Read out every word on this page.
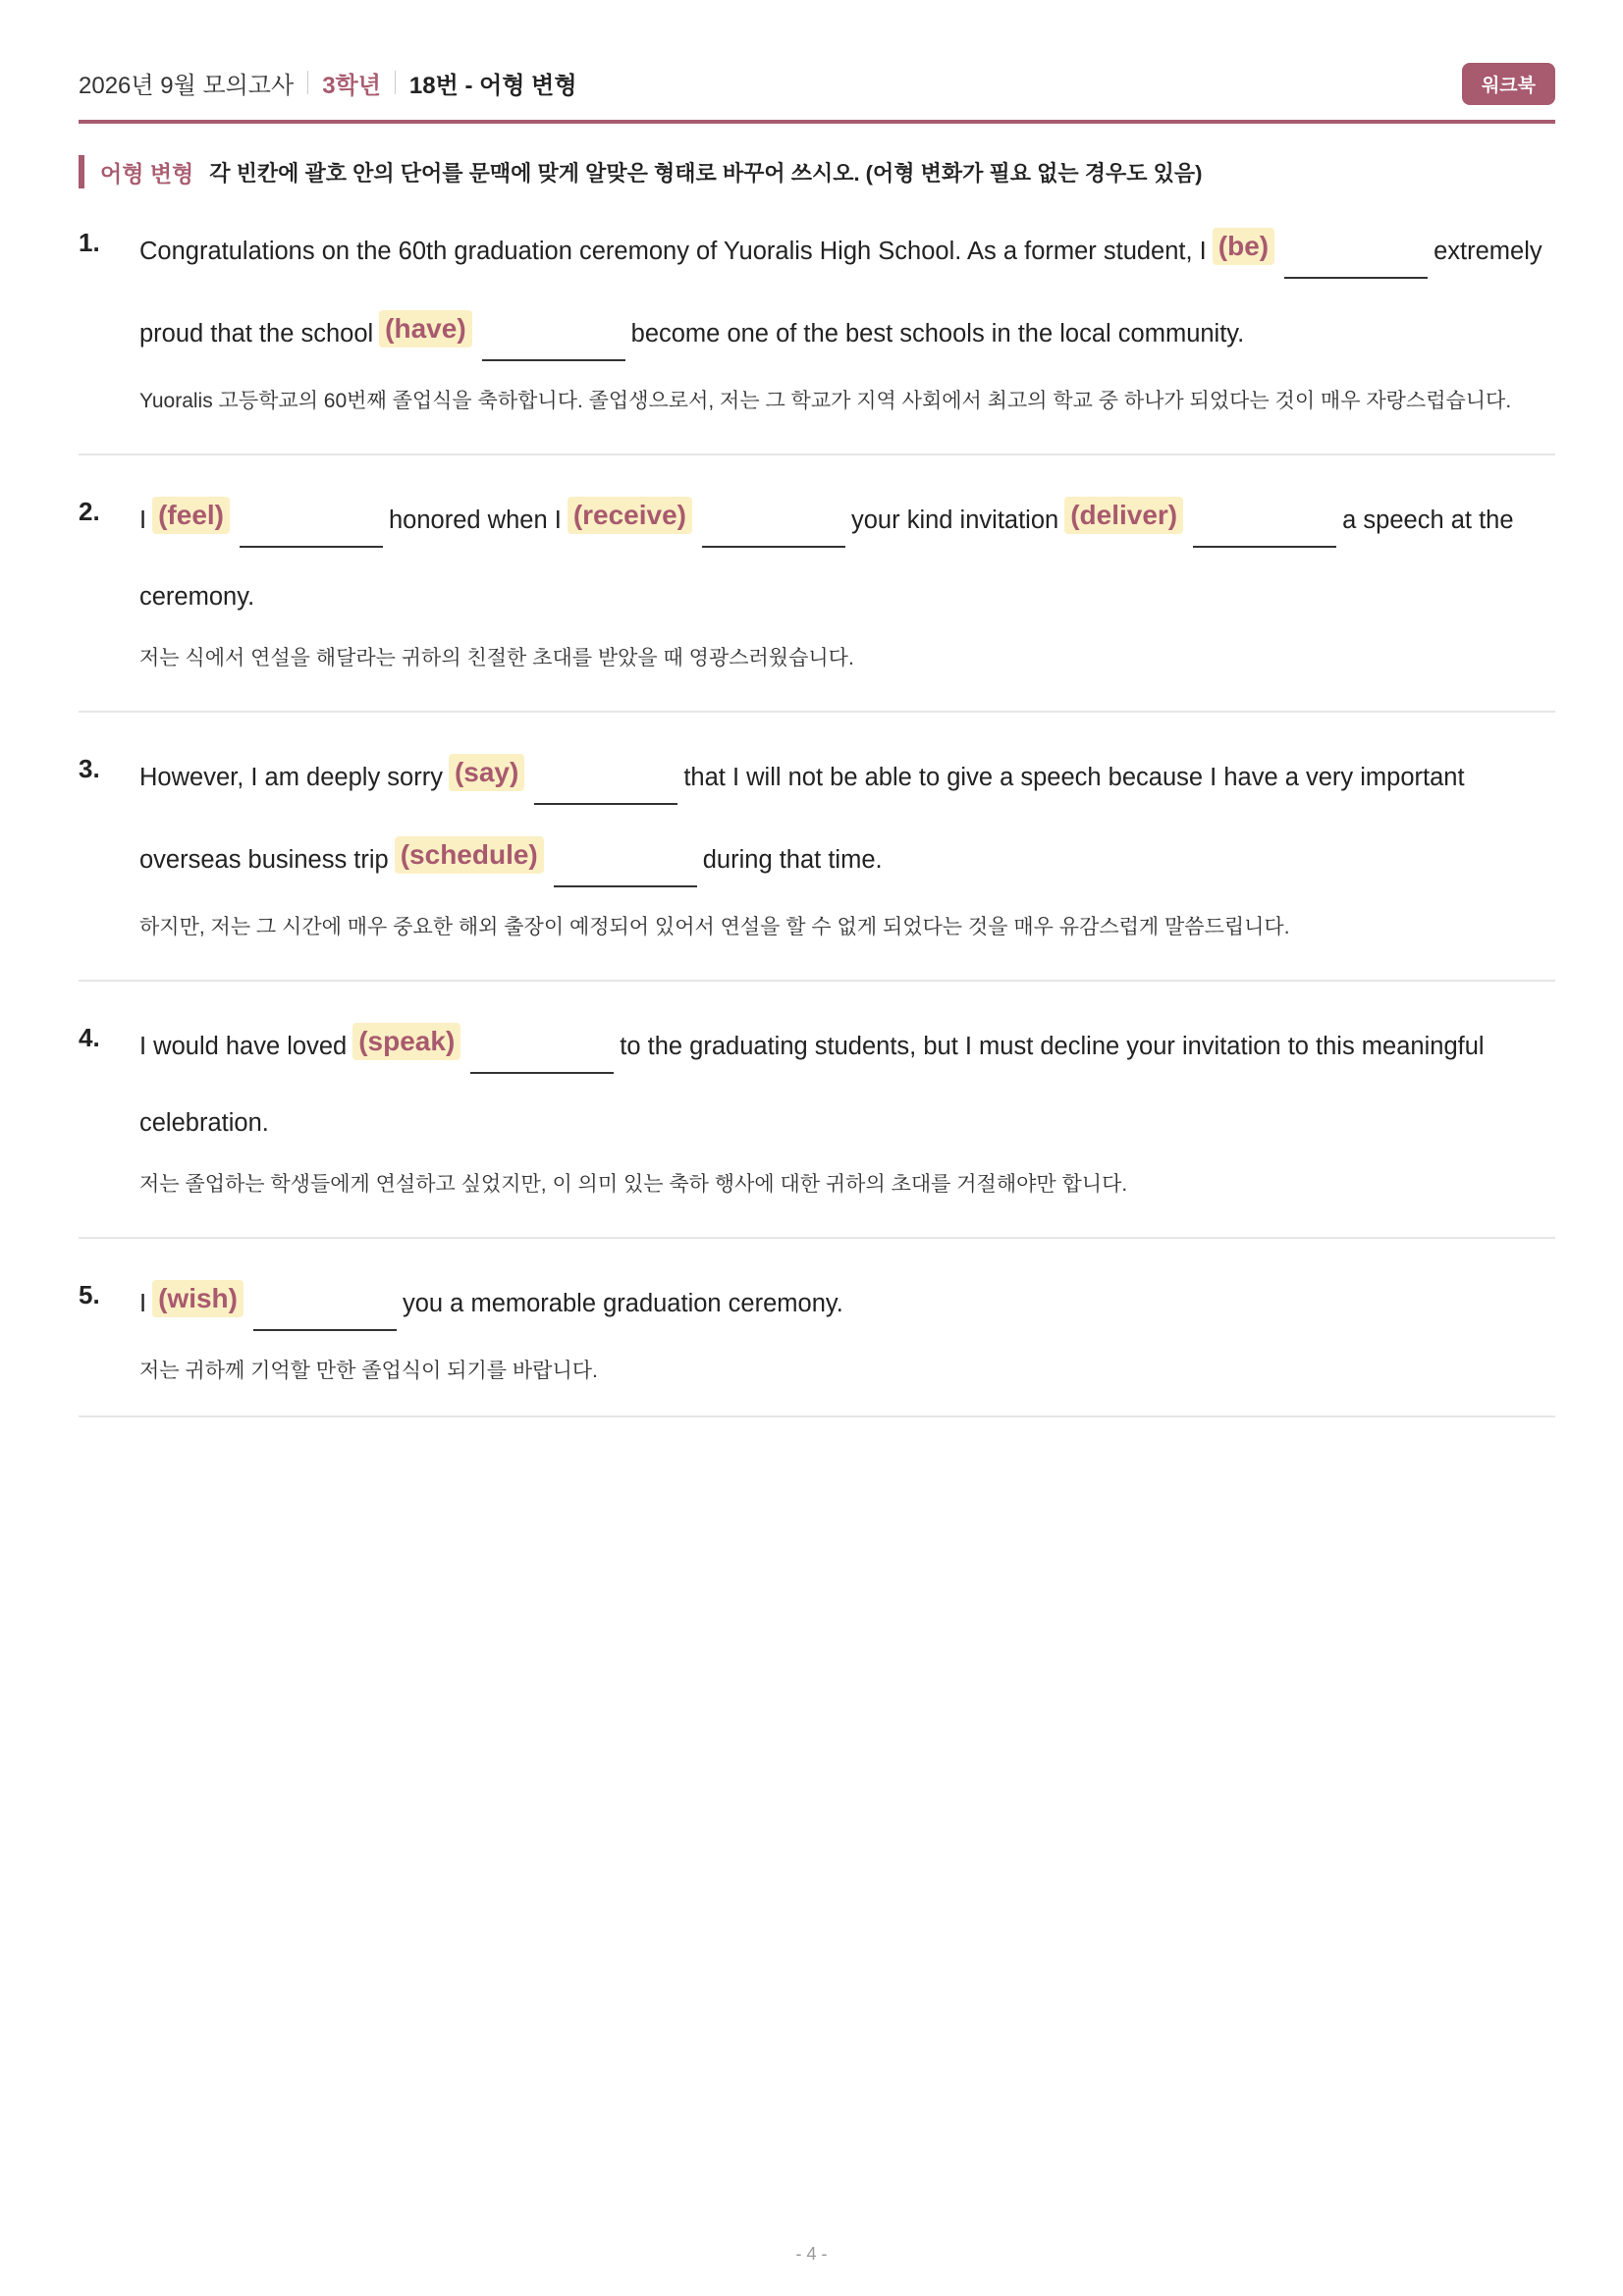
2026년 9월 모의고사 3학년 18번 - 어형 변형	워크북
어형 변형 각 빈칸에 괄호 안의 단어를 문맥에 맞게 알맞은 형태로 바꾸어 쓰시오. (어형 변화가 필요 없는 경우도 있음)
1. Congratulations on the 60th graduation ceremony of Yuoralis High School. As a former student, I (be)	extremely

proud that the school (have)	become one of the best schools in the local community.

Yuoralis 고등학교의 60번째 졸업식을 축하합니다. 졸업생으로서, 저는 그 학교가 지역 사회에서 최고의 학교 중 하나가 되었다는 것이 매우 자랑스럽습니다.
2. I (feel)	honored when I (receive)	your kind invitation (deliver)	a speech at the

ceremony.

저는 식에서 연설을 해달라는 귀하의 친절한 초대를 받았을 때 영광스러웠습니다.
3. However, I am deeply sorry (say)	that I will not be able to give a speech because I have a very important

overseas business trip (schedule)	during that time.

하지만, 저는 그 시간에 매우 중요한 해외 출장이 예정되어 있어서 연설을 할 수 없게 되었다는 것을 매우 유감스럽게 말씀드립니다.
4. I would have loved (speak)	to the graduating students, but I must decline your invitation to this meaningful

celebration.

저는 졸업하는 학생들에게 연설하고 싶었지만, 이 의미 있는 축하 행사에 대한 귀하의 초대를 거절해야만 합니다.
5. I (wish)	you a memorable graduation ceremony.

저는 귀하께 기억할 만한 졸업식이 되기를 바랍니다.
- 4 -
